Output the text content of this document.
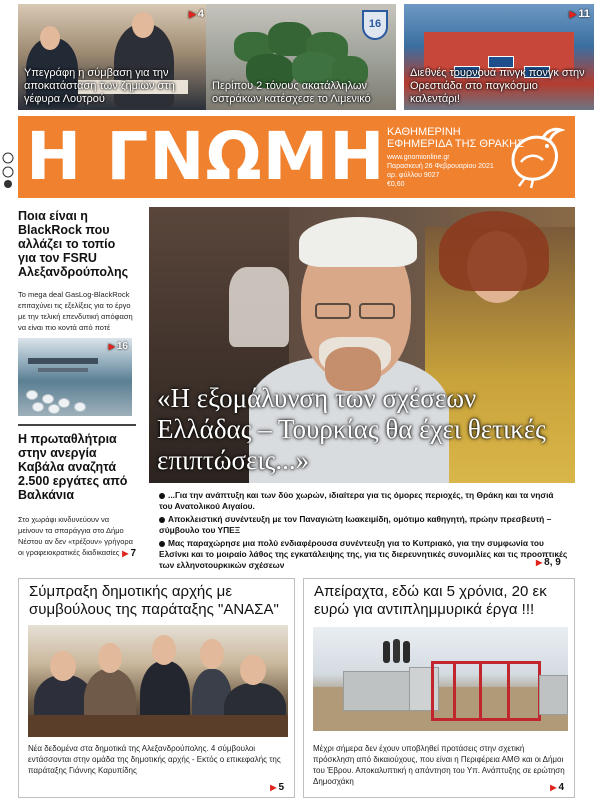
▶ 4
Υπεγράφη η σύμβαση για την αποκατάσταση των ζημιών στη γέφυρα Λουτρού
16
Περίπου 2 τόνους ακατάλληλων οστράκων κατέσχεσε το Λιμενικό
▶ 11
Διεθνές τουρνουά πινγκ πονγκ στην Ορεστιάδα στο παγκόσμιο καλεντάρι!
Η ΓΝΩΜΗ ΚΑΘΗΜΕΡΙΝΗ
ΕΦΗΜΕΡΙΔΑ ΤΗΣ ΘΡΑΚΗΣ
www.gnomionline.gr
Παρασκευή 26 Φεβρουαρίου 2021
αρ. φύλλου 9027
€0,60
Ποια είναι η BlackRock που αλλάζει το τοπίο για τον FSRU Αλεξανδρούπολης
Το mega deal GasLog-BlackRock επιταχύνει τις εξελίξεις για το έργο με την τελική επενδυτική απόφαση να είναι πιο κοντά από ποτέ
▶ 16
Η πρωταθλήτρια στην ανεργία Καβάλα αναζητά 2.500 εργάτες από Βαλκάνια
Στο χωράφι κινδυνεύουν να μείνουν τα σπαράγγια στο Δήμο Νέστου αν δεν «τρέξουν» γρήγορα οι γραφειοκρατικές διαδικασίες ▶ 7
«Η εξομάλυνση των σχέσεων Ελλάδας – Τουρκίας θα έχει θετικές επιπτώσεις...»

...Για την ανάπτυξη και των δύο χωρών, ιδιαίτερα για τις όμορες περιοχές, τη Θράκη και τα νησιά του Ανατολικού Αιγαίου.

Αποκλειστική συνέντευξη με τον Παναγιώτη Ιωακειμίδη, ομότιμο καθηγητή, πρώην πρεσβευτή – σύμβουλο του ΥΠΕΞ

Μας παραχώρησε μια πολύ ενδιαφέρουσα συνέντευξη για το Κυπριακό, για την συμφωνία του Ελσίνκι και το μοιραίο λάθος της εγκατάλειψης της, για τις διερευνητικές συνομιλίες και τις προοπτικές των ελληνοτουρκικών σχέσεων	▶ 8, 9
Σύμπραξη δημοτικής αρχής με συμβούλους της παράταξης "ΑΝΑΣΑ"
Νέα δεδομένα στα δημοτικά της Αλεξανδρούπολης. 4 σύμβουλοι εντάσσονται στην ομάδα της δημοτικής αρχής - Εκτός ο επικεφαλής της παράταξης Γιάννης Καρυπίδης
▶ 5
Απείραχτα, εδώ και 5 χρόνια, 20 εκ ευρώ για αντιπλημμυρικά έργα !!!
Μέχρι σήμερα δεν έχουν υποβληθεί προτάσεις στην σχετική πρόσκληση από δικαιούχους, που είναι η Περιφέρεια ΑΜΘ και οι Δήμοι του Έβρου. Αποκαλυπτική η απάντηση του Υπ. Ανάπτυξης σε ερώτηση Δημοσχάκη
▶ 4
